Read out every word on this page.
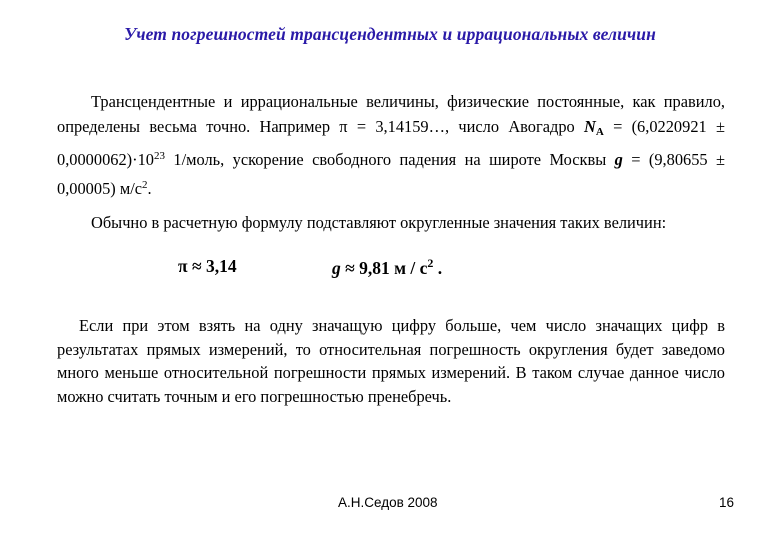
Учет погрешностей трансцендентных и иррациональных величин
Трансцендентные и иррациональные величины, физические постоянные, как правило, определены весьма точно. Например π = 3,14159…, число Авогадро $N_A = (6,0220921 \pm 0,0000062)\cdot 10^{23}$ 1/моль, ускорение свободного падения на широте Москвы g = (9,80655 ± 0,00005) $м/с^2$.
Обычно в расчетную формулу подставляют округленные значения таких величин:
π ≈ 3,14	g ≈ 9,81 м / $с^2$ .
Если при этом взять на одну значащую цифру больше, чем число значащих цифр в результатах прямых измерений, то относительная погрешность округления будет заведомо много меньше относительной погрешности прямых измерений. В таком случае данное число можно считать точным и его погрешностью пренебречь.
А.Н.Седов 2008	16
